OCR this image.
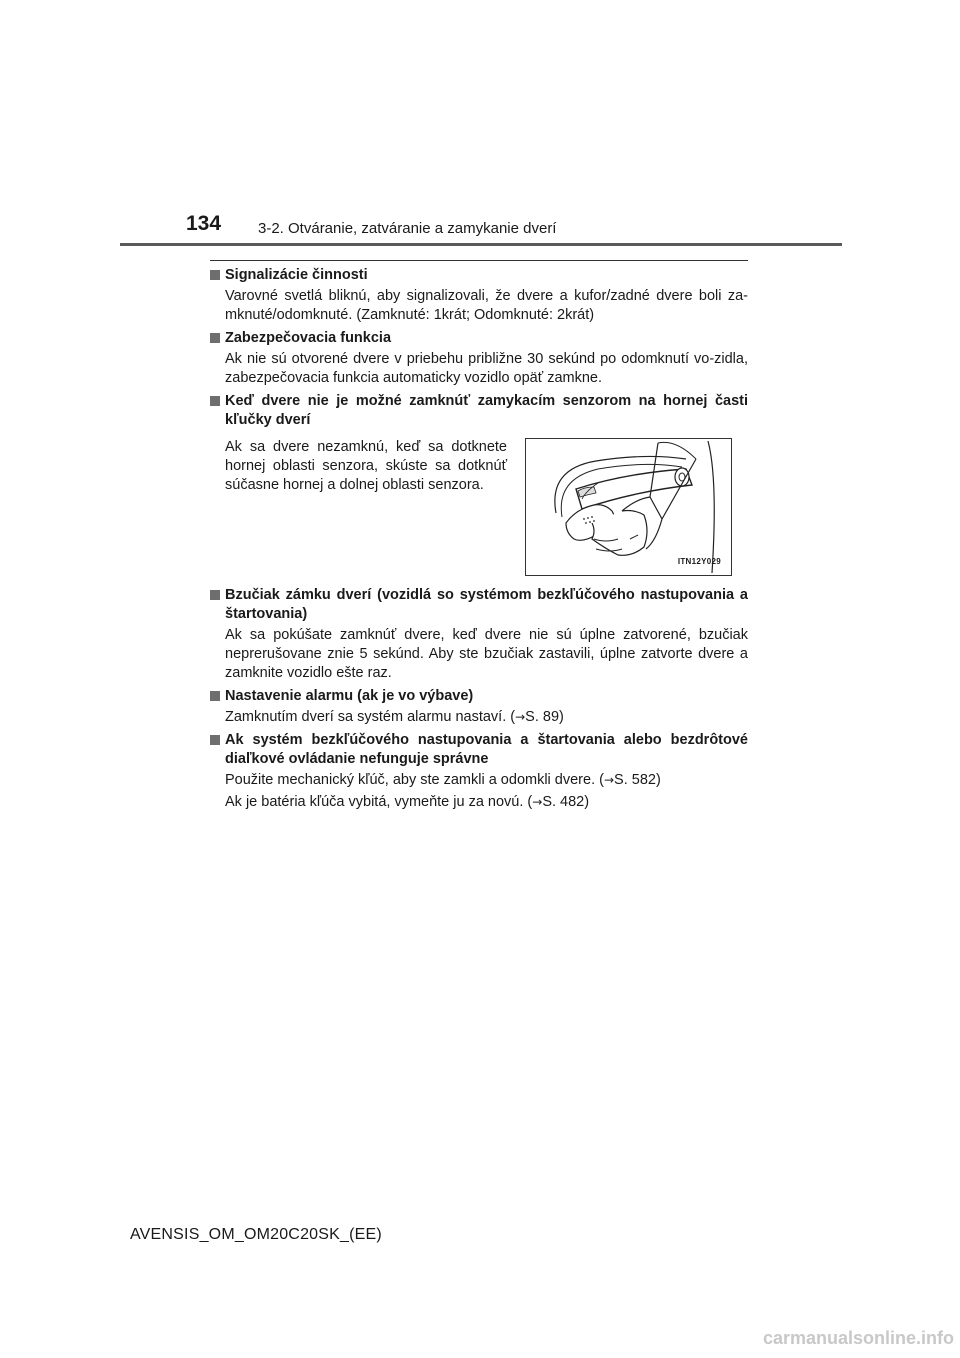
134 3-2. Otváranie, zatváranie a zamykanie dverí
Signalizácie činnosti
Varovné svetlá bliknú, aby signalizovali, že dvere a kufor/zadné dvere boli za-mknuté/odomknuté. (Zamknuté: 1krát; Odomknuté: 2krát)
Zabezpečovacia funkcia
Ak nie sú otvorené dvere v priebehu približne 30 sekúnd po odomknutí vo-zidla, zabezpečovacia funkcia automaticky vozidlo opäť zamkne.
Keď dvere nie je možné zamknúť zamykacím senzorom na hornej časti kľučky dverí
Ak sa dvere nezamknú, keď sa dotknete hornej oblasti senzora, skúste sa dotknúť súčasne hornej a dolnej oblasti senzora.
ITN12Y029
Bzučiak zámku dverí (vozidlá so systémom bezkľúčového nastupovania a štartovania)
Ak sa pokúšate zamknúť dvere, keď dvere nie sú úplne zatvorené, bzučiak neprerušovane znie 5 sekúnd. Aby ste bzučiak zastavili, úplne zatvorte dvere a zamknite vozidlo ešte raz.
Nastavenie alarmu (ak je vo výbave)
Zamknutím dverí sa systém alarmu nastaví. (→S. 89)
Ak systém bezkľúčového nastupovania a štartovania alebo bezdrôtové diaľkové ovládanie nefunguje správne
Použite mechanický kľúč, aby ste zamkli a odomkli dvere. (→S. 582)
Ak je batéria kľúča vybitá, vymeňte ju za novú. (→S. 482)
AVENSIS_OM_OM20C20SK_(EE)
carmanualsonline.info
